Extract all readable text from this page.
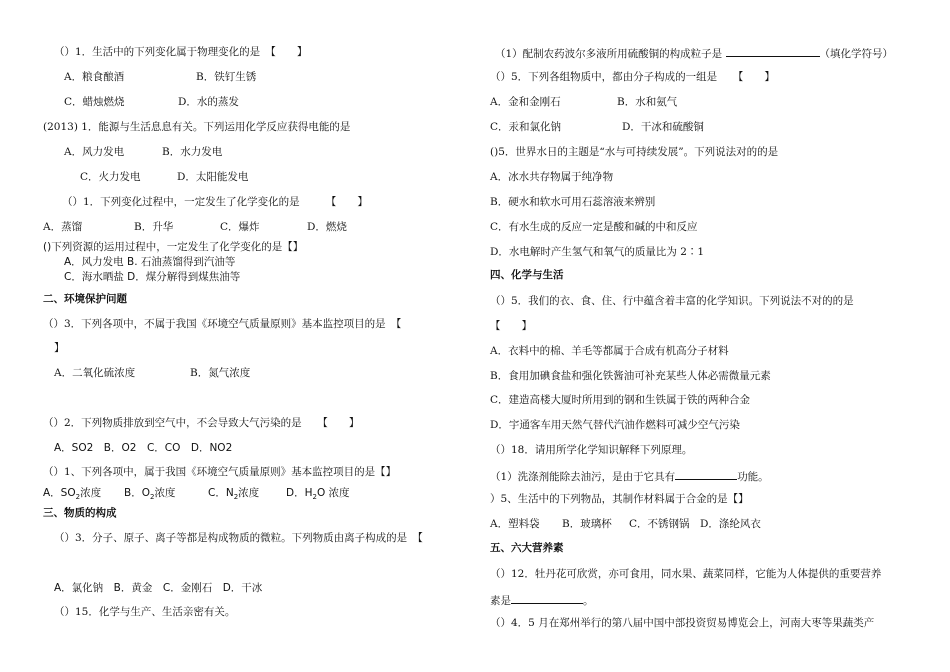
（）1．生活中的下列变化属于物理变化的是　【　　】
A．粮食酿酒	B．铁钉生锈
C．蜡烛燃烧	D．水的蒸发
(2013) 1．能源与生活息息有关。下列运用化学反应获得电能的是
A．风力发电	B．水力发电
C．火力发电	D．太阳能发电
（）1．下列变化过程中，一定发生了化学变化的是　　　【　　】
A．蒸馏	B．升华	C．爆炸	D．燃烧
()下列资源的运用过程中，一定发生了化学变化的是【】
A．风力发电 B. 石油蒸馏得到汽油等
C．海水晒盐 D．煤分解得到煤焦油等
二、环境保护问题
（）3．下列各项中，不属于我国《环境空气质量原则》基本监控项目的是　【
】
A．二氧化硫浓度	B．氮气浓度
（）2．下列物质排放到空气中，不会导致大气污染的是　　【　　】
A．SO2　B．O2　C．CO　D．NO2
（）1、下列各项中，属于我国《环境空气质量原则》基本监控项目的是【】
A．$SO_2$浓度 B．$O_2$浓度	C．$N_2$浓度	D．$H_2O$ 浓度
三、物质的构成
（）3．分子、原子、离子等都是构成物质的微粒。下列物质由离子构成的是　【
A．氯化钠　B．黄金　C．金刚石　D．干冰
（）15．化学与生产、生活亲密有关。
（1）配制农药波尔多液所用硫酸铜的构成粒子是	（填化学符号）
（）5．下列各组物质中，都由分子构成的一组是　　【　　】
A．金和金刚石	B．水和氨气
C．汞和氯化钠	D．干冰和硫酸铜
()5．世界水日的主题是“水与可持续发展”。下列说法对的的是
A．冰水共存物属于纯净物
B．硬水和软水可用石蕊溶液来辨别
C．有水生成的反应一定是酸和碱的中和反应
D．水电解时产生氢气和氧气的质量比为 2∶1
四、化学与生活
（）5．我们的衣、食、住、行中蕴含着丰富的化学知识。下列说法不对的的是
【　　】
A．衣料中的棉、羊毛等都属于合成有机高分子材料
B．食用加碘食盐和强化铁酱油可补充某些人体必需微量元素
C．建造高楼大厦时所用到的钢和生铁属于铁的两种合金
D．宇通客车用天然气替代汽油作燃料可减少空气污染
（）18．请用所学化学知识解释下列原理。
（1）洗涤剂能除去油污，是由于它具有	功能。
）5、生活中的下列物品，其制作材料属于合金的是【】
A．塑料袋 B．玻璃杯 C．不锈钢锅 D．涤纶风衣
五、六大营养素
（）12．牡丹花可欣赏，亦可食用，同水果、蔬菜同样，它能为人体提供的重要营养
素是	。
（）4．5 月在郑州举行的第八届中国中部投资贸易博览会上，河南大枣等果蔬类产
